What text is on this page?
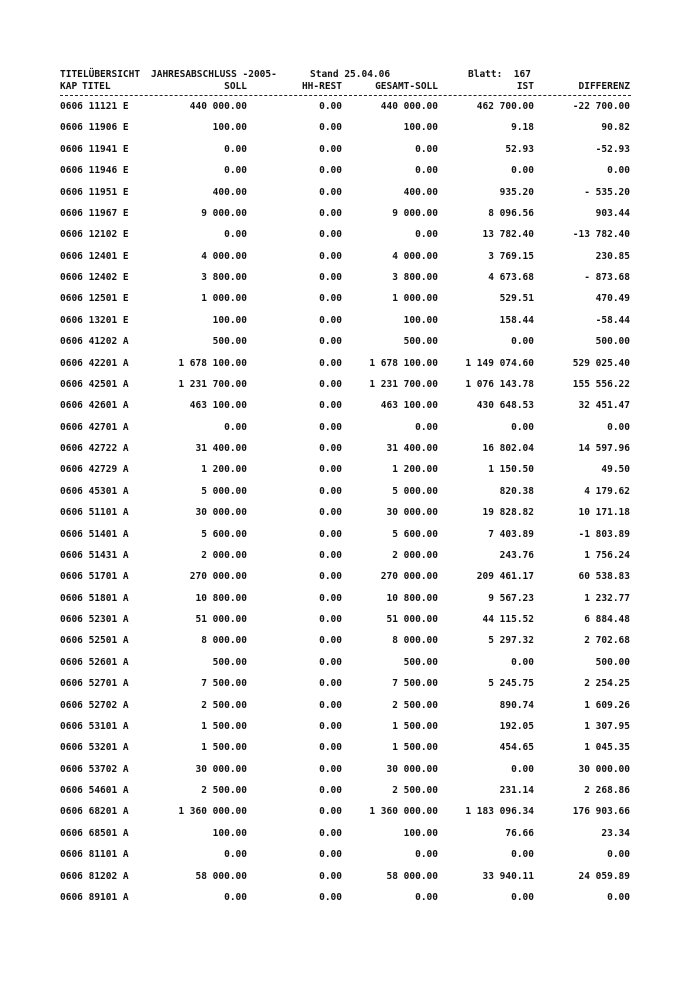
TITELÜBERSICHT JAHRESABSCHLUSS -2005-	Stand 25.04.06	Blatt:  167
KAP TITEL	SOLL	HH-REST	GESAMT-SOLL	IST	DIFFERENZ
0606 11121 E	440 000.00	0.00	440 000.00	462 700.00	-22 700.00
0606 11906 E	100.00	0.00	100.00	9.18	90.82
0606 11941 E	0.00	0.00	0.00	52.93	-52.93
0606 11946 E	0.00	0.00	0.00	0.00	0.00
0606 11951 E	400.00	0.00	400.00	935.20	- 535.20
0606 11967 E	9 000.00	0.00	9 000.00	8 096.56	903.44
0606 12102 E	0.00	0.00	0.00	13 782.40	-13 782.40
0606 12401 E	4 000.00	0.00	4 000.00	3 769.15	230.85
0606 12402 E	3 800.00	0.00	3 800.00	4 673.68	- 873.68
0606 12501 E	1 000.00	0.00	1 000.00	529.51	470.49
0606 13201 E	100.00	0.00	100.00	158.44	-58.44
0606 41202 A	500.00	0.00	500.00	0.00	500.00
0606 42201 A	1 678 100.00	0.00	1 678 100.00	1 149 074.60	529 025.40
0606 42501 A	1 231 700.00	0.00	1 231 700.00	1 076 143.78	155 556.22
0606 42601 A	463 100.00	0.00	463 100.00	430 648.53	32 451.47
0606 42701 A	0.00	0.00	0.00	0.00	0.00
0606 42722 A	31 400.00	0.00	31 400.00	16 802.04	14 597.96
0606 42729 A	1 200.00	0.00	1 200.00	1 150.50	49.50
0606 45301 A	5 000.00	0.00	5 000.00	820.38	4 179.62
0606 51101 A	30 000.00	0.00	30 000.00	19 828.82	10 171.18
0606 51401 A	5 600.00	0.00	5 600.00	7 403.89	-1 803.89
0606 51431 A	2 000.00	0.00	2 000.00	243.76	1 756.24
0606 51701 A	270 000.00	0.00	270 000.00	209 461.17	60 538.83
0606 51801 A	10 800.00	0.00	10 800.00	9 567.23	1 232.77
0606 52301 A	51 000.00	0.00	51 000.00	44 115.52	6 884.48
0606 52501 A	8 000.00	0.00	8 000.00	5 297.32	2 702.68
0606 52601 A	500.00	0.00	500.00	0.00	500.00
0606 52701 A	7 500.00	0.00	7 500.00	5 245.75	2 254.25
0606 52702 A	2 500.00	0.00	2 500.00	890.74	1 609.26
0606 53101 A	1 500.00	0.00	1 500.00	192.05	1 307.95
0606 53201 A	1 500.00	0.00	1 500.00	454.65	1 045.35
0606 53702 A	30 000.00	0.00	30 000.00	0.00	30 000.00
0606 54601 A	2 500.00	0.00	2 500.00	231.14	2 268.86
0606 68201 A	1 360 000.00	0.00	1 360 000.00	1 183 096.34	176 903.66
0606 68501 A	100.00	0.00	100.00	76.66	23.34
0606 81101 A	0.00	0.00	0.00	0.00	0.00
0606 81202 A	58 000.00	0.00	58 000.00	33 940.11	24 059.89
0606 89101 A	0.00	0.00	0.00	0.00	0.00
